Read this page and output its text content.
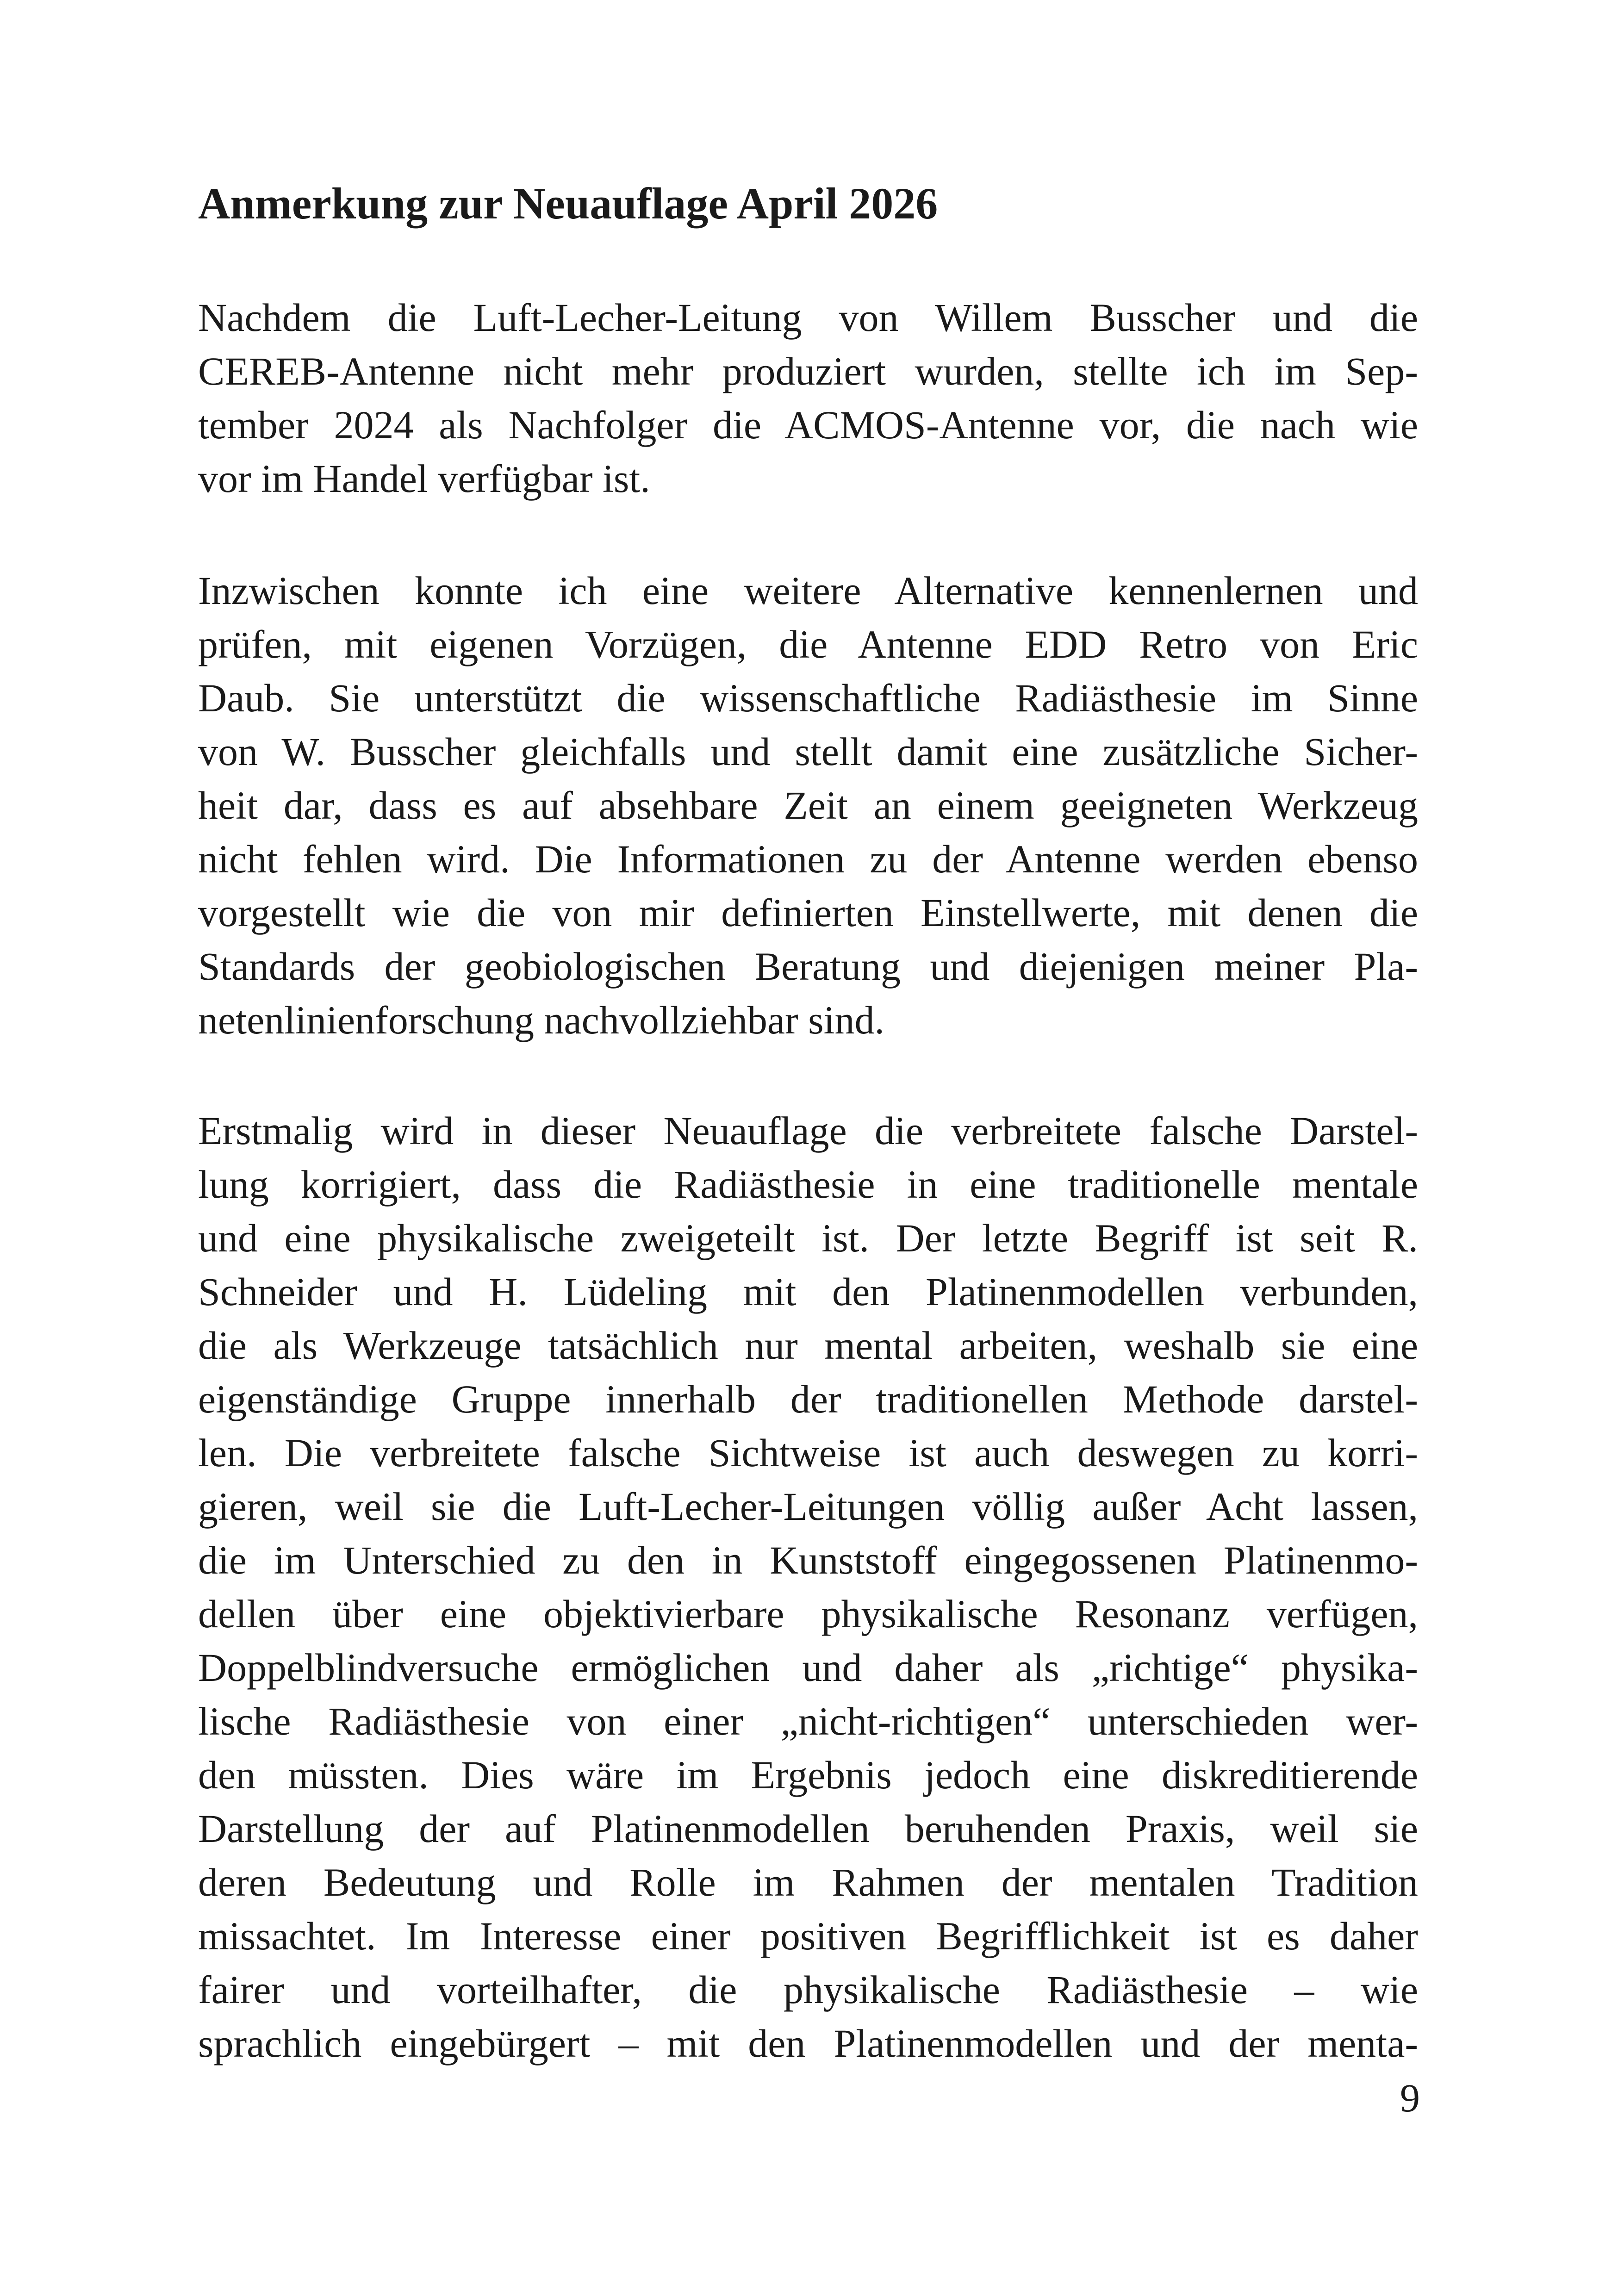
Anmerkung zur Neuauflage April 2026
Nachdem die Luft-Lecher-Leitung von Willem Busscher und die
CEREB-Antenne nicht mehr produziert wurden, stellte ich im Sep-
tember 2024 als Nachfolger die ACMOS-Antenne vor, die nach wie
vor im Handel verfügbar ist.
Inzwischen konnte ich eine weitere Alternative kennenlernen und
prüfen, mit eigenen Vorzügen, die Antenne EDD Retro von Eric
Daub. Sie unterstützt die wissenschaftliche Radiästhesie im Sinne
von W. Busscher gleichfalls und stellt damit eine zusätzliche Sicher-
heit dar, dass es auf absehbare Zeit an einem geeigneten Werkzeug
nicht fehlen wird. Die Informationen zu der Antenne werden ebenso
vorgestellt wie die von mir definierten Einstellwerte, mit denen die
Standards der geobiologischen Beratung und diejenigen meiner Pla-
netenlinienforschung nachvollziehbar sind.
Erstmalig wird in dieser Neuauflage die verbreitete falsche Darstel-
lung korrigiert, dass die Radiästhesie in eine traditionelle mentale
und eine physikalische zweigeteilt ist. Der letzte Begriff ist seit R.
Schneider und H. Lüdeling mit den Platinenmodellen verbunden,
die als Werkzeuge tatsächlich nur mental arbeiten, weshalb sie eine
eigenständige Gruppe innerhalb der traditionellen Methode darstel-
len. Die verbreitete falsche Sichtweise ist auch deswegen zu korri-
gieren, weil sie die Luft-Lecher-Leitungen völlig außer Acht lassen,
die im Unterschied zu den in Kunststoff eingegossenen Platinenmo-
dellen über eine objektivierbare physikalische Resonanz verfügen,
Doppelblindversuche ermöglichen und daher als „richtige“ physika-
lische Radiästhesie von einer „nicht-richtigen“ unterschieden wer-
den müssten. Dies wäre im Ergebnis jedoch eine diskreditierende
Darstellung der auf Platinenmodellen beruhenden Praxis, weil sie
deren Bedeutung und Rolle im Rahmen der mentalen Tradition
missachtet. Im Interesse einer positiven Begrifflichkeit ist es daher
fairer und vorteilhafter, die physikalische Radiästhesie – wie
sprachlich eingebürgert – mit den Platinenmodellen und der menta-
9
